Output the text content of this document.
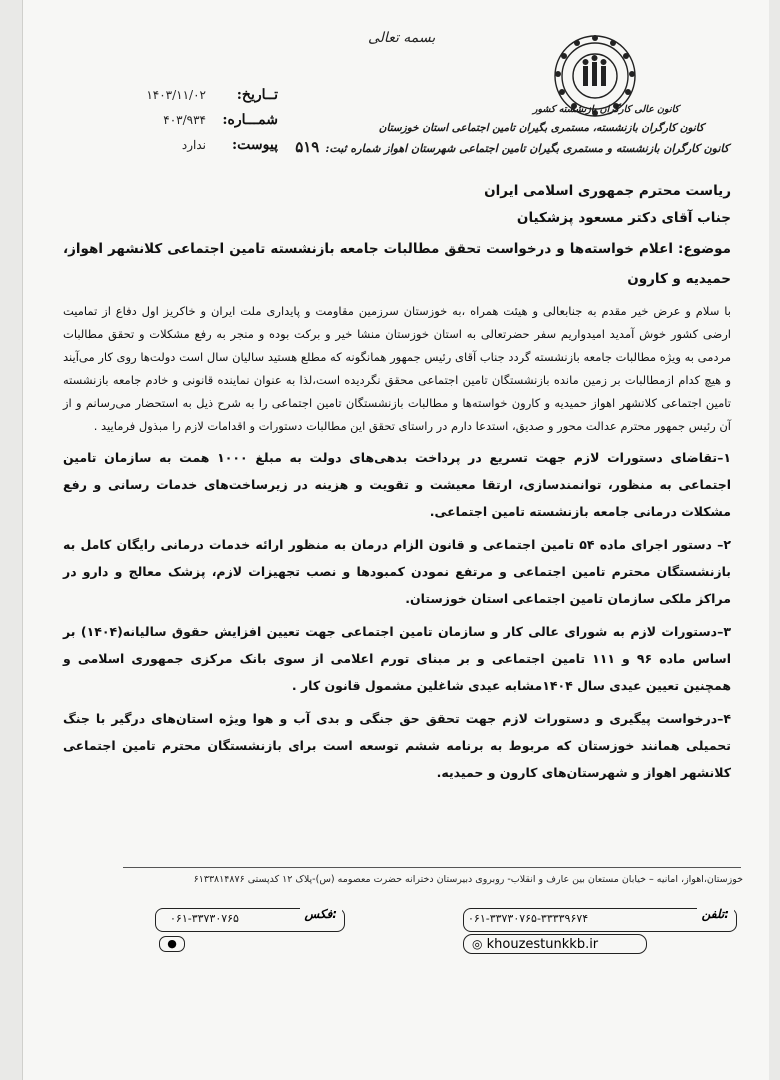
بسمه تعالی
کانون عالی کارگران بازنشسته کشور
کانون کارگران بازنشسته، مستمری بگیران تامین اجتماعی استان خوزستان
کانون کارگران بازنشسته و مستمری بگیران تامین اجتماعی شهرستان اهواز شماره ثبت:۵۱۹
تــاریخ:
۱۴۰۳/۱۱/۰۲
شمـــاره:
۴۰۳/۹۳۴
پیوست:
ندارد
ریاست محترم جمهوری اسلامی ایران
جناب آقای دکتر مسعود پزشکیان
موضوع: اعلام خواسته‌ها و درخواست تحقق مطالبات جامعه بازنشسته تامین اجتماعی کلانشهر اهواز، حمیدیه و کارون
با سلام و عرض خیر مقدم به جنابعالی و هیئت همراه ،به خوزستان سرزمین مقاومت و پایداری ملت ایران و خاکریز اول دفاع از تمامیت ارضی کشور خوش آمدید امیدواریم سفر حضرتعالی به استان خوزستان منشا خیر و برکت بوده و منجر به رفع مشکلات و تحقق مطالبات مردمی به ویژه مطالبات جامعه بازنشسته گردد جناب آقای رئیس جمهور همانگونه که مطلع هستید سالیان سال است دولت‌ها روی کار می‌آیند و هیچ کدام ازمطالبات بر زمین مانده بازنشستگان تامین اجتماعی محقق نگردیده است،لذا به عنوان نماینده قانونی و خادم جامعه بازنشسته تامین اجتماعی کلانشهر اهواز حمیدیه و کارون خواسته‌ها و مطالبات بازنشستگان تامین اجتماعی را به شرح ذیل به استحضار می‌رسانم و از آن رئیس جمهور محترم عدالت محور و صدیق، استدعا دارم در راستای تحقق این مطالبات دستورات و اقدامات لازم را مبذول فرمایید .
۱–تقاضای دستورات لازم جهت تسریع در پرداخت بدهی‌های دولت به مبلغ ۱۰۰۰ همت به سازمان تامین اجتماعی به منظور، توانمندسازی، ارتقا معیشت و تقویت و هزینه در زیرساخت‌های خدمات رسانی و رفع مشکلات درمانی جامعه بازنشسته تامین اجتماعی.
۲– دستور اجرای ماده ۵۴ تامین اجتماعی و قانون الزام درمان به منظور ارائه خدمات درمانی رایگان کامل به بازنشستگان محترم تامین اجتماعی و مرتفع نمودن کمبودها و نصب تجهیزات لازم، پزشک معالج و دارو در مراکز ملکی سازمان تامین اجتماعی استان خوزستان.
۳–دستورات لازم به شورای عالی کار و سازمان تامین اجتماعی جهت تعیین افزایش حقوق سالیانه(۱۴۰۴) بر اساس ماده ۹۶ و ۱۱۱ تامین اجتماعی و بر مبنای تورم اعلامی از سوی بانک مرکزی جمهوری اسلامی و همچنین تعیین عیدی سال ۱۴۰۴مشابه عیدی شاغلین مشمول قانون کار .
۴–درخواست پیگیری و دستورات لازم جهت تحقق حق جنگی و بدی آب و هوا ویژه استان‌های درگیر با جنگ تحمیلی همانند خوزستان که مربوط به برنامه ششم توسعه است برای بازنشستگان محترم تامین اجتماعی کلانشهر اهواز و شهرستان‌های کارون و حمیدیه.
خوزستان،اهواز، امانیه – خیابان مستعان بین عارف و انقلاب- روبروی دبیرستان دخترانه حضرت معصومه (س)-پلاک ۱۲ کدپستی ۶۱۳۳۸۱۴۸۷۶
تلفن:
۰۶۱-۳۳۷۳۰۷۶۵-۳۳۳۳۹۶۷۴
فکس:
۰۶۱-۳۳۷۳۰۷۶۵
◎ khouzestunkkb.ir
●
